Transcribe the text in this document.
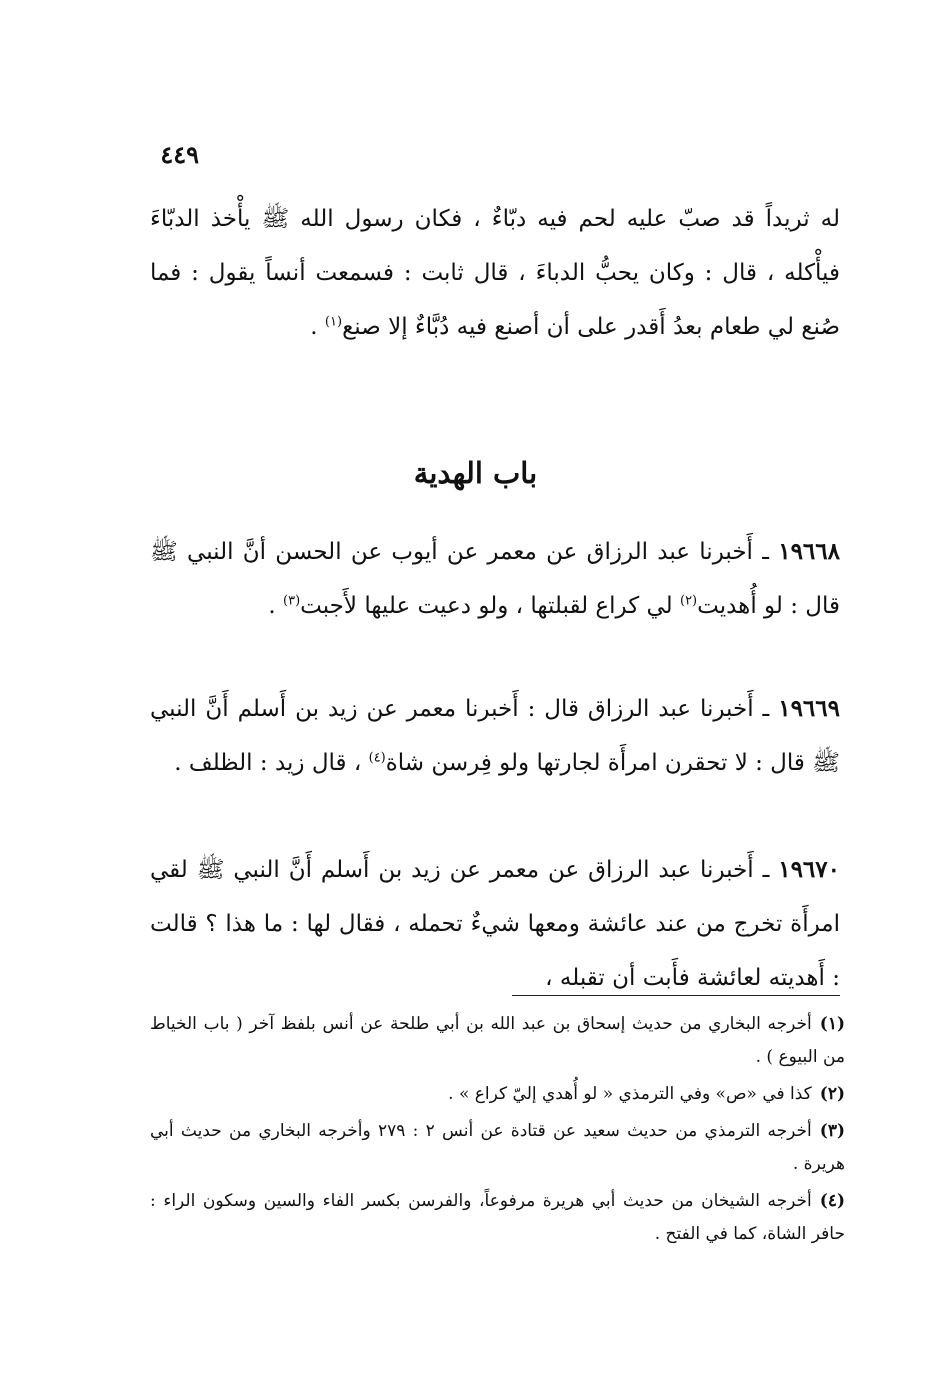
٤٤٩

له ثريداً قد صبّ عليه لحم فيه دبّاءٌ ، فكان رسول الله ﷺ يأْخذ الدبّاءَ فيأْكله ، قال : وكان يحبُّ الدباءَ ، قال ثابت : فسمعت أنساً يقول : فما صُنع لي طعام بعدُ أَقدر على أن أصنع فيه دُبَّاءٌ إلا صنع$^{(١)}$ .

باب الهدية

١٩٦٦٨ ـ أَخبرنا عبد الرزاق عن معمر عن أيوب عن الحسن أنَّ النبي ﷺ قال : لو أُهديت$^{(٢)}$ لي كراع لقبلتها ، ولو دعيت عليها لأَجبت$^{(٣)}$ .

١٩٦٦٩ ـ أَخبرنا عبد الرزاق قال : أَخبرنا معمر عن زيد بن أَسلم أَنَّ النبي ﷺ قال : لا تحقرن امرأَة لجارتها ولو فِرسن شاة$^{(٤)}$ ، قال زيد : الظلف .

١٩٦٧٠ ـ أَخبرنا عبد الرزاق عن معمر عن زيد بن أَسلم أَنَّ النبي ﷺ لقي امرأَة تخرج من عند عائشة ومعها شيءٌ تحمله ، فقال لها : ما هذا ؟ قالت : أَهديته لعائشة فأَبت أن تقبله ،

(١)أخرجه البخاري من حديث إسحاق بن عبد الله بن أبي طلحة عن أنس بلفظ آخر ( باب الخياط من البيوع ) .

(٢)كذا في «ص» وفي الترمذي « لو أُهدي إليّ كراع » .

(٣)أخرجه الترمذي من حديث سعيد عن قتادة عن أنس ٢ : ٢٧٩ وأخرجه البخاري من حديث أبي هريرة .

(٤)أخرجه الشيخان من حديث أبي هريرة مرفوعاً، والفرسن بكسر الفاء والسين وسكون الراء : حافر الشاة، كما في الفتح .
